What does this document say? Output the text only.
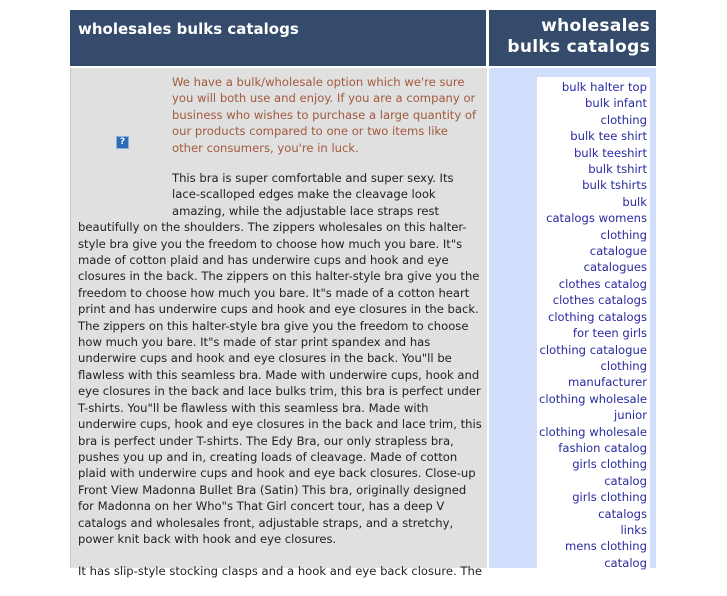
wholesales bulks catalogs
?
We have a bulk/wholesale option which we're sure you will both use and enjoy. If you are a company or business who wishes to purchase a large quantity of our products compared to one or two items like other consumers, you're in luck.

This bra is super comfortable and super sexy. Its lace-scalloped edges make the cleavage look amazing, while the adjustable lace straps rest beautifully on the shoulders. The zippers wholesales on this halter-style bra give you the freedom to choose how much you bare. It"s made of cotton plaid and has underwire cups and hook and eye closures in the back. The zippers on this halter-style bra give you the freedom to choose how much you bare. It"s made of a cotton heart print and has underwire cups and hook and eye closures in the back. The zippers on this halter-style bra give you the freedom to choose how much you bare. It"s made of star print spandex and has underwire cups and hook and eye closures in the back. You"ll be flawless with this seamless bra. Made with underwire cups, hook and eye closures in the back and lace bulks trim, this bra is perfect under T-shirts. You"ll be flawless with this seamless bra. Made with underwire cups, hook and eye closures in the back and lace trim, this bra is perfect under T-shirts. The Edy Bra, our only strapless bra, pushes you up and in, creating loads of cleavage. Made of cotton plaid with underwire cups and hook and eye back closures. Close-up Front View Madonna Bullet Bra (Satin) This bra, originally designed for Madonna on her Who"s That Girl concert tour, has a deep V catalogs and wholesales front, adjustable straps, and a stretchy, power knit back with hook and eye closures.

It has slip-style stocking clasps and a hook and eye back closure. The

wholesales bulks catalogs
bulk halter top
bulk infant clothing
bulk tee shirt
bulk teeshirt
bulk tshirt
bulk tshirts
bulk
catalogs womens clothing
catalogue
catalogues
clothes catalog
clothes catalogs
clothing catalogs for teen girls
clothing catalogue
clothing manufacturer
clothing wholesale junior
clothing wholesale
fashion catalog
girls clothing catalog
girls clothing catalogs
links
mens clothing catalog
